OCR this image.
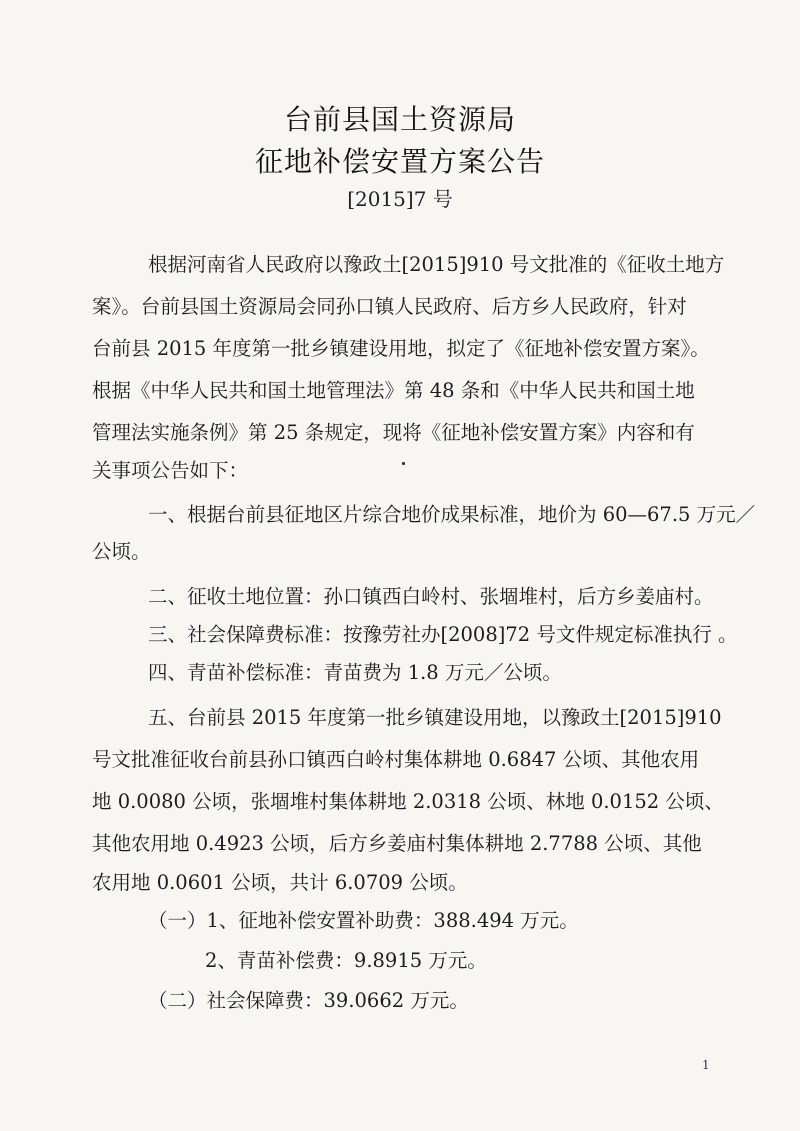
台前县国土资源局
征地补偿安置方案公告
[2015]7 号
根据河南省人民政府以豫政土[2015]910 号文批准的《征收土地方
案》。台前县国土资源局会同孙口镇人民政府、后方乡人民政府，针对
台前县 2015 年度第一批乡镇建设用地，拟定了《征地补偿安置方案》。
根据《中华人民共和国土地管理法》第 48 条和《中华人民共和国土地
管理法实施条例》第 25 条规定，现将《征地补偿安置方案》内容和有
关事项公告如下：
一、根据台前县征地区片综合地价成果标准，地价为 60—67.5 万元／
公顷。
二、征收土地位置：孙口镇西白岭村、张堌堆村，后方乡姜庙村。
三、社会保障费标准：按豫劳社办[2008]72 号文件规定标准执行 。
四、青苗补偿标准：青苗费为 1.8 万元／公顷。
五、台前县 2015 年度第一批乡镇建设用地，以豫政土[2015]910
号文批准征收台前县孙口镇西白岭村集体耕地 0.6847 公顷、其他农用
地 0.0080 公顷，张堌堆村集体耕地 2.0318 公顷、林地 0.0152 公顷、
其他农用地 0.4923 公顷，后方乡姜庙村集体耕地 2.7788 公顷、其他
农用地 0.0601 公顷，共计 6.0709 公顷。
（一）1、征地补偿安置补助费：388.494 万元。
2、青苗补偿费：9.8915 万元。
（二）社会保障费：39.0662 万元。
1
